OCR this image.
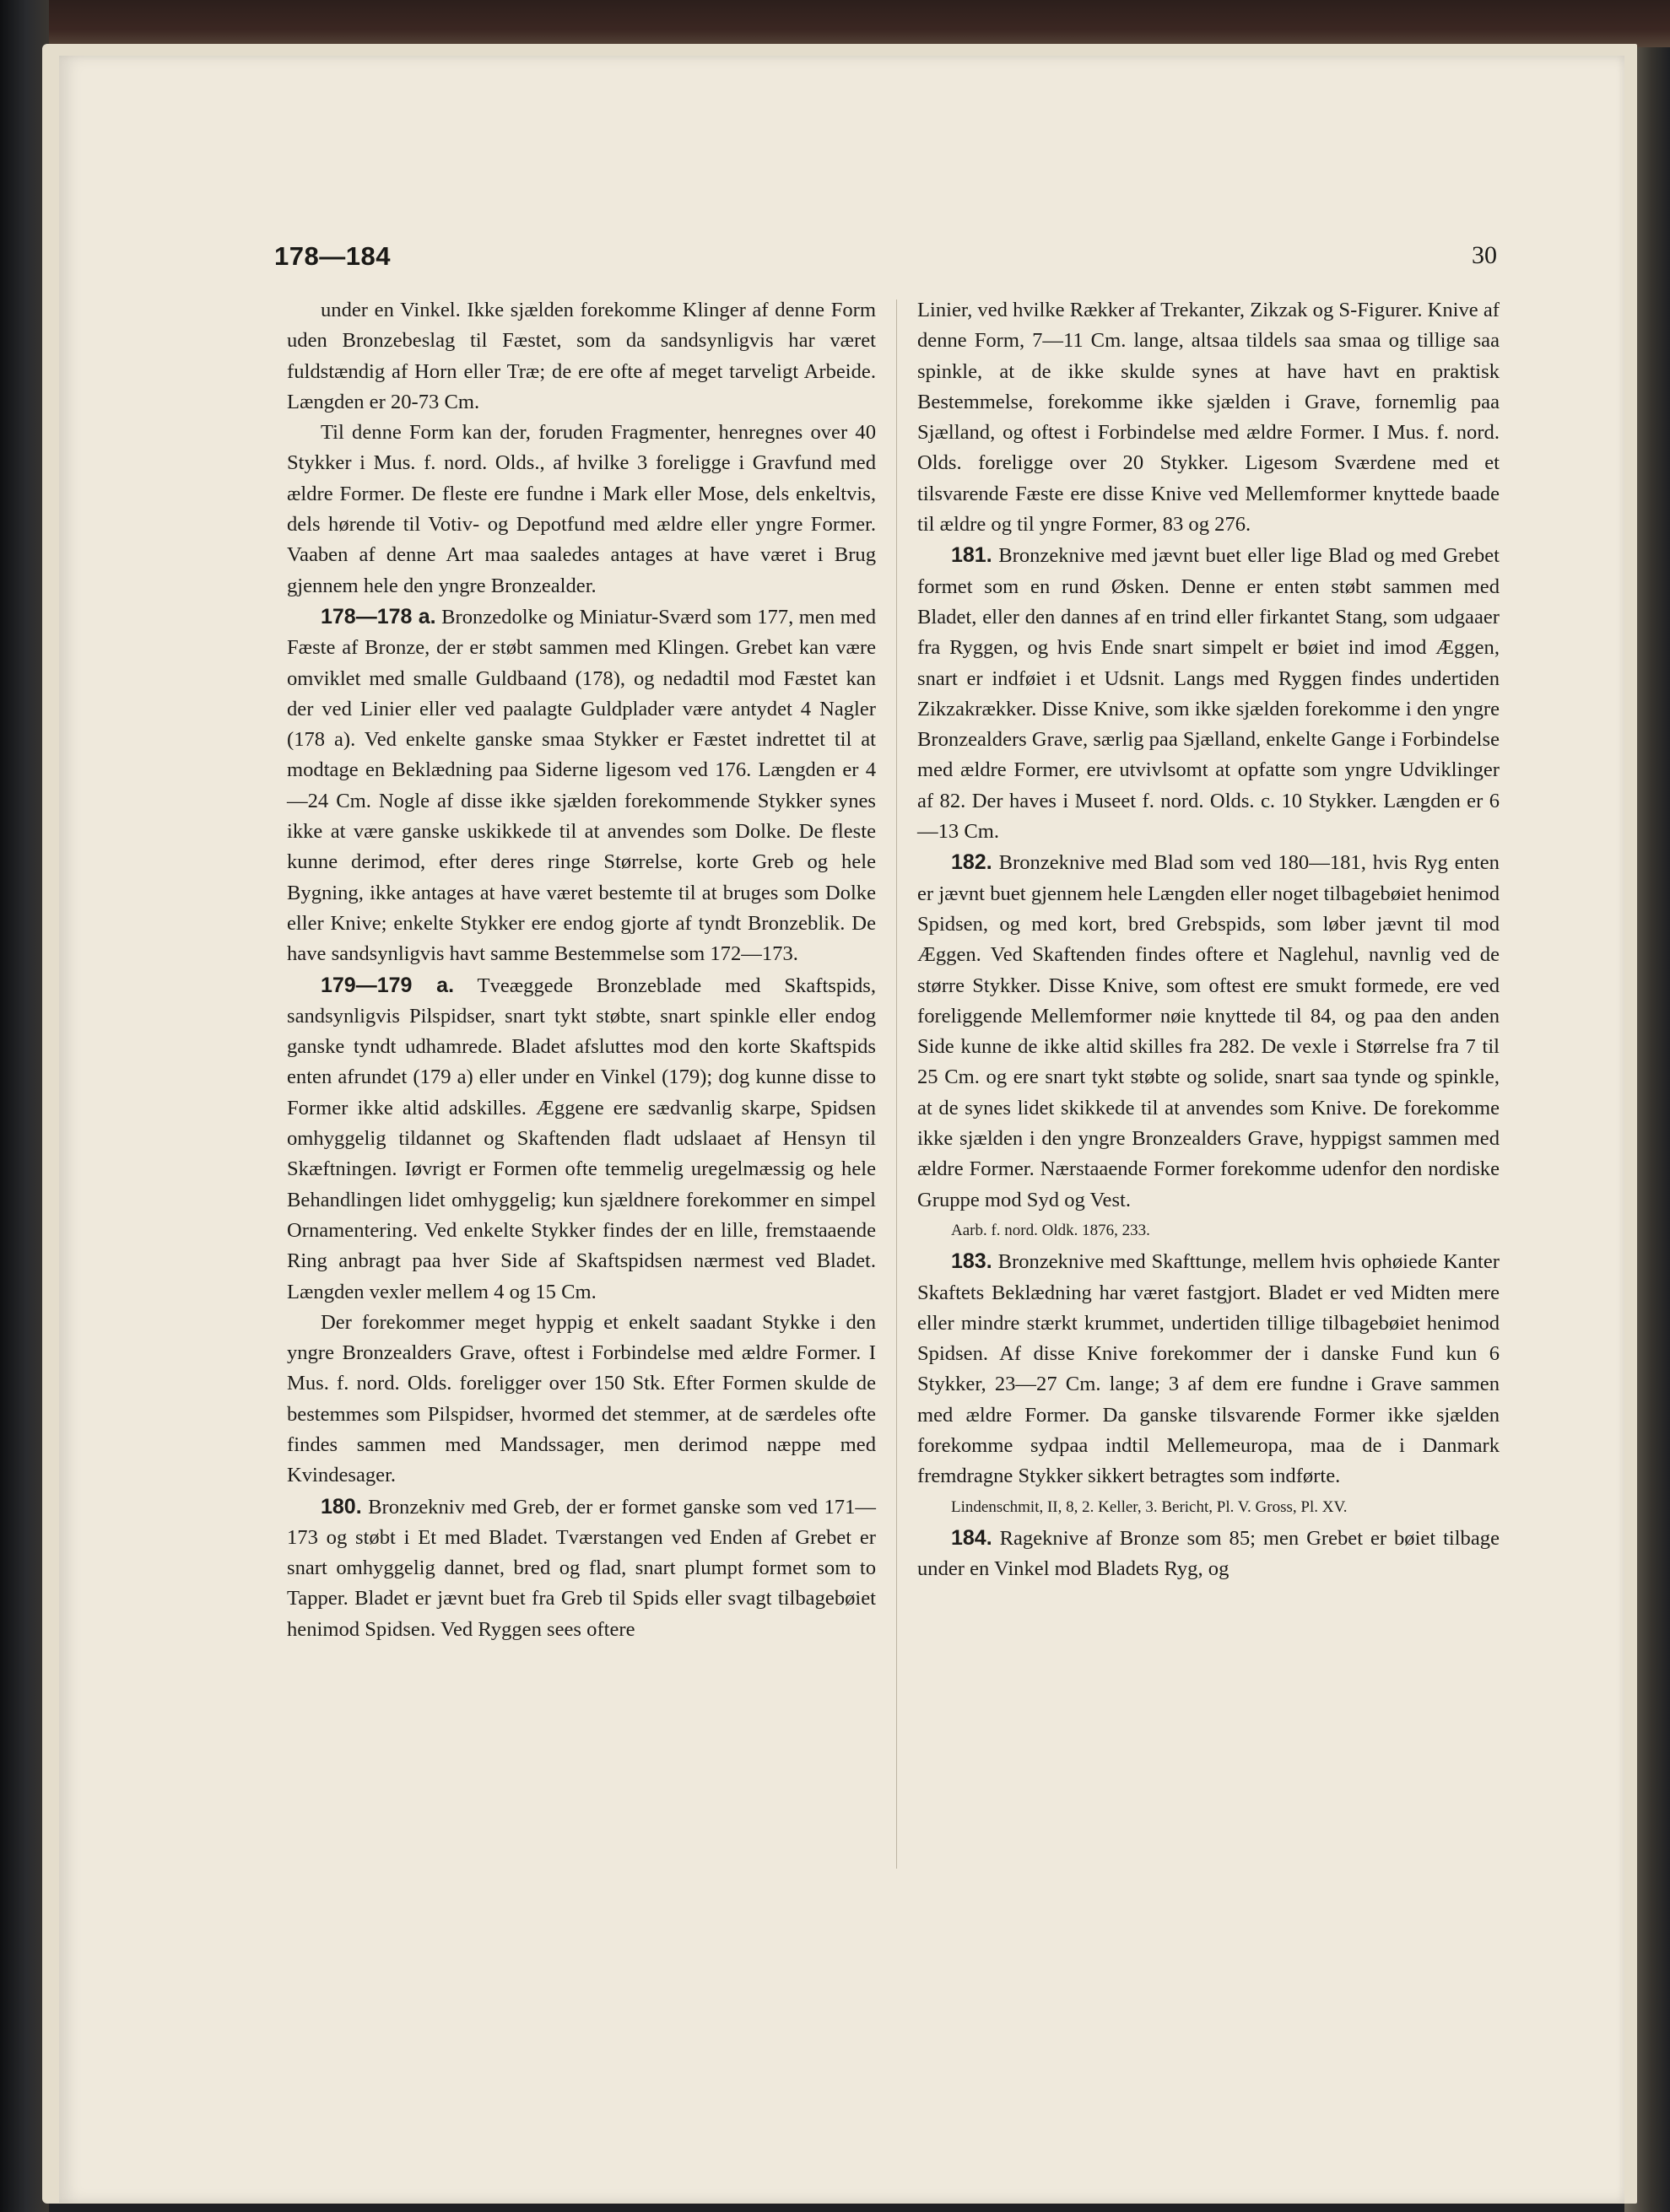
178—184	30

under en Vinkel. Ikke sjælden forekomme Klinger af denne Form uden Bronzebeslag til Fæstet, som da sandsynligvis har været fuldstændig af Horn eller Træ; de ere ofte af meget tarveligt Arbeide. Længden er 20-73 Cm.

Til denne Form kan der, foruden Fragmenter, henregnes over 40 Stykker i Mus. f. nord. Olds., af hvilke 3 foreligge i Gravfund med ældre Former. De fleste ere fundne i Mark eller Mose, dels enkeltvis, dels hørende til Votiv- og Depotfund med ældre eller yngre Former. Vaaben af denne Art maa saaledes antages at have været i Brug gjennem hele den yngre Bronzealder.

178—178 a. Bronzedolke og Miniatur-Sværd som 177, men med Fæste af Bronze, der er støbt sammen med Klingen. Grebet kan være omviklet med smalle Guldbaand (178), og nedadtil mod Fæstet kan der ved Linier eller ved paalagte Guldplader være antydet 4 Nagler (178 a). Ved enkelte ganske smaa Stykker er Fæstet indrettet til at modtage en Beklædning paa Siderne ligesom ved 176. Længden er 4—24 Cm. Nogle af disse ikke sjælden forekommende Stykker synes ikke at være ganske uskikkede til at anvendes som Dolke. De fleste kunne derimod, efter deres ringe Størrelse, korte Greb og hele Bygning, ikke antages at have været bestemte til at bruges som Dolke eller Knive; enkelte Stykker ere endog gjorte af tyndt Bronzeblik. De have sandsynligvis havt samme Bestemmelse som 172—173.

179—179 a. Tveæggede Bronzeblade med Skaftspids, sandsynligvis Pilspidser, snart tykt støbte, snart spinkle eller endog ganske tyndt udhamrede. Bladet afsluttes mod den korte Skaftspids enten afrundet (179 a) eller under en Vinkel (179); dog kunne disse to Former ikke altid adskilles. Æggene ere sædvanlig skarpe, Spidsen omhyggelig tildannet og Skaftenden fladt udslaaet af Hensyn til Skæftningen. Iøvrigt er Formen ofte temmelig uregelmæssig og hele Behandlingen lidet omhyggelig; kun sjældnere forekommer en simpel Ornamentering. Ved enkelte Stykker findes der en lille, fremstaaende Ring anbragt paa hver Side af Skaftspidsen nærmest ved Bladet. Længden vexler mellem 4 og 15 Cm.

Der forekommer meget hyppig et enkelt saadant Stykke i den yngre Bronzealders Grave, oftest i Forbindelse med ældre Former. I Mus. f. nord. Olds. foreligger over 150 Stk. Efter Formen skulde de bestemmes som Pilspidser, hvormed det stemmer, at de særdeles ofte findes sammen med Mandssager, men derimod næppe med Kvindesager.

180. Bronzekniv med Greb, der er formet ganske som ved 171—173 og støbt i Et med Bladet. Tværstangen ved Enden af Grebet er snart omhyggelig dannet, bred og flad, snart plumpt formet som to Tapper. Bladet er jævnt buet fra Greb til Spids eller svagt tilbagebøiet henimod Spidsen. Ved Ryggen sees oftere

Linier, ved hvilke Rækker af Trekanter, Zikzak og S-Figurer. Knive af denne Form, 7—11 Cm. lange, altsaa tildels saa smaa og tillige saa spinkle, at de ikke skulde synes at have havt en praktisk Bestemmelse, forekomme ikke sjælden i Grave, fornemlig paa Sjælland, og oftest i Forbindelse med ældre Former. I Mus. f. nord. Olds. foreligge over 20 Stykker. Ligesom Sværdene med et tilsvarende Fæste ere disse Knive ved Mellemformer knyttede baade til ældre og til yngre Former, 83 og 276.

181. Bronzeknive med jævnt buet eller lige Blad og med Grebet formet som en rund Øsken. Denne er enten støbt sammen med Bladet, eller den dannes af en trind eller firkantet Stang, som udgaaer fra Ryggen, og hvis Ende snart simpelt er bøiet ind imod Æggen, snart er indføiet i et Udsnit. Langs med Ryggen findes undertiden Zikzakrækker. Disse Knive, som ikke sjælden forekomme i den yngre Bronzealders Grave, særlig paa Sjælland, enkelte Gange i Forbindelse med ældre Former, ere utvivlsomt at opfatte som yngre Udviklinger af 82. Der haves i Museet f. nord. Olds. c. 10 Stykker. Længden er 6—13 Cm.

182. Bronzeknive med Blad som ved 180—181, hvis Ryg enten er jævnt buet gjennem hele Længden eller noget tilbagebøiet henimod Spidsen, og med kort, bred Grebspids, som løber jævnt til mod Æggen. Ved Skaftenden findes oftere et Naglehul, navnlig ved de større Stykker. Disse Knive, som oftest ere smukt formede, ere ved foreliggende Mellemformer nøie knyttede til 84, og paa den anden Side kunne de ikke altid skilles fra 282. De vexle i Størrelse fra 7 til 25 Cm. og ere snart tykt støbte og solide, snart saa tynde og spinkle, at de synes lidet skikkede til at anvendes som Knive. De forekomme ikke sjælden i den yngre Bronzealders Grave, hyppigst sammen med ældre Former. Nærstaaende Former forekomme udenfor den nordiske Gruppe mod Syd og Vest.

Aarb. f. nord. Oldk. 1876, 233.

183. Bronzeknive med Skafttunge, mellem hvis ophøiede Kanter Skaftets Beklædning har været fastgjort. Bladet er ved Midten mere eller mindre stærkt krummet, undertiden tillige tilbagebøiet henimod Spidsen. Af disse Knive forekommer der i danske Fund kun 6 Stykker, 23—27 Cm. lange; 3 af dem ere fundne i Grave sammen med ældre Former. Da ganske tilsvarende Former ikke sjælden forekomme sydpaa indtil Mellemeuropa, maa de i Danmark fremdragne Stykker sikkert betragtes som indførte.

Lindenschmit, II, 8, 2. Keller, 3. Bericht, Pl. V. Gross, Pl. XV.

184. Rageknive af Bronze som 85; men Grebet er bøiet tilbage under en Vinkel mod Bladets Ryg, og
